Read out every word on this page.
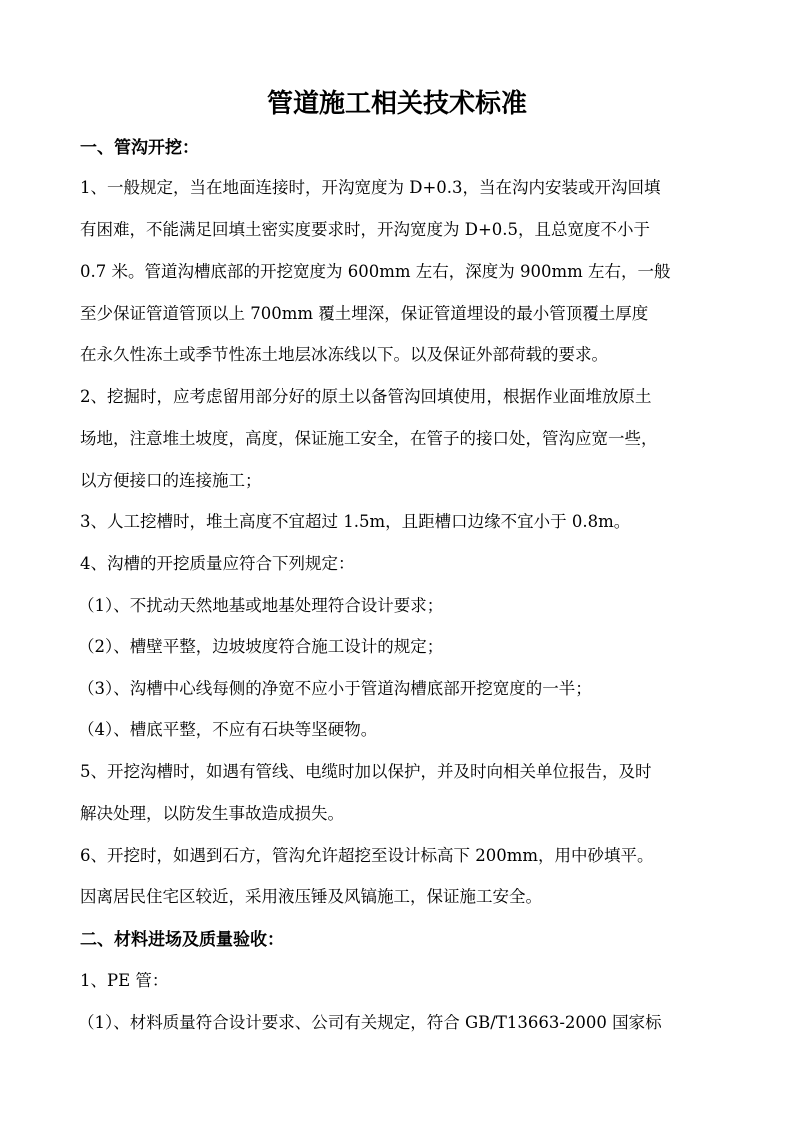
管道施工相关技术标准
一、管沟开挖：
1、一般规定，当在地面连接时，开沟宽度为 D+0.3，当在沟内安装或开沟回填
有困难，不能满足回填土密实度要求时，开沟宽度为 D+0.5，且总宽度不小于
0.7 米。管道沟槽底部的开挖宽度为 600mm 左右，深度为 900mm 左右，一般
至少保证管道管顶以上 700mm 覆土埋深，保证管道埋设的最小管顶覆土厚度
在永久性冻土或季节性冻土地层冰冻线以下。以及保证外部荷载的要求。
2、挖掘时，应考虑留用部分好的原土以备管沟回填使用，根据作业面堆放原土
场地，注意堆土坡度，高度，保证施工安全，在管子的接口处，管沟应宽一些，
以方便接口的连接施工；
3、人工挖槽时，堆土高度不宜超过 1.5m，且距槽口边缘不宜小于 0.8m。
4、沟槽的开挖质量应符合下列规定：
（1）、不扰动天然地基或地基处理符合设计要求；
（2）、槽壁平整，边坡坡度符合施工设计的规定；
（3）、沟槽中心线每侧的净宽不应小于管道沟槽底部开挖宽度的一半；
（4）、槽底平整，不应有石块等坚硬物。
5、开挖沟槽时，如遇有管线、电缆时加以保护，并及时向相关单位报告，及时
解决处理，以防发生事故造成损失。
6、开挖时，如遇到石方，管沟允许超挖至设计标高下 200mm，用中砂填平。
因离居民住宅区较近，采用液压锤及风镐施工，保证施工安全。
二、材料进场及质量验收：
1、PE 管：
（1）、材料质量符合设计要求、公司有关规定，符合 GB/T13663-2000 国家标
